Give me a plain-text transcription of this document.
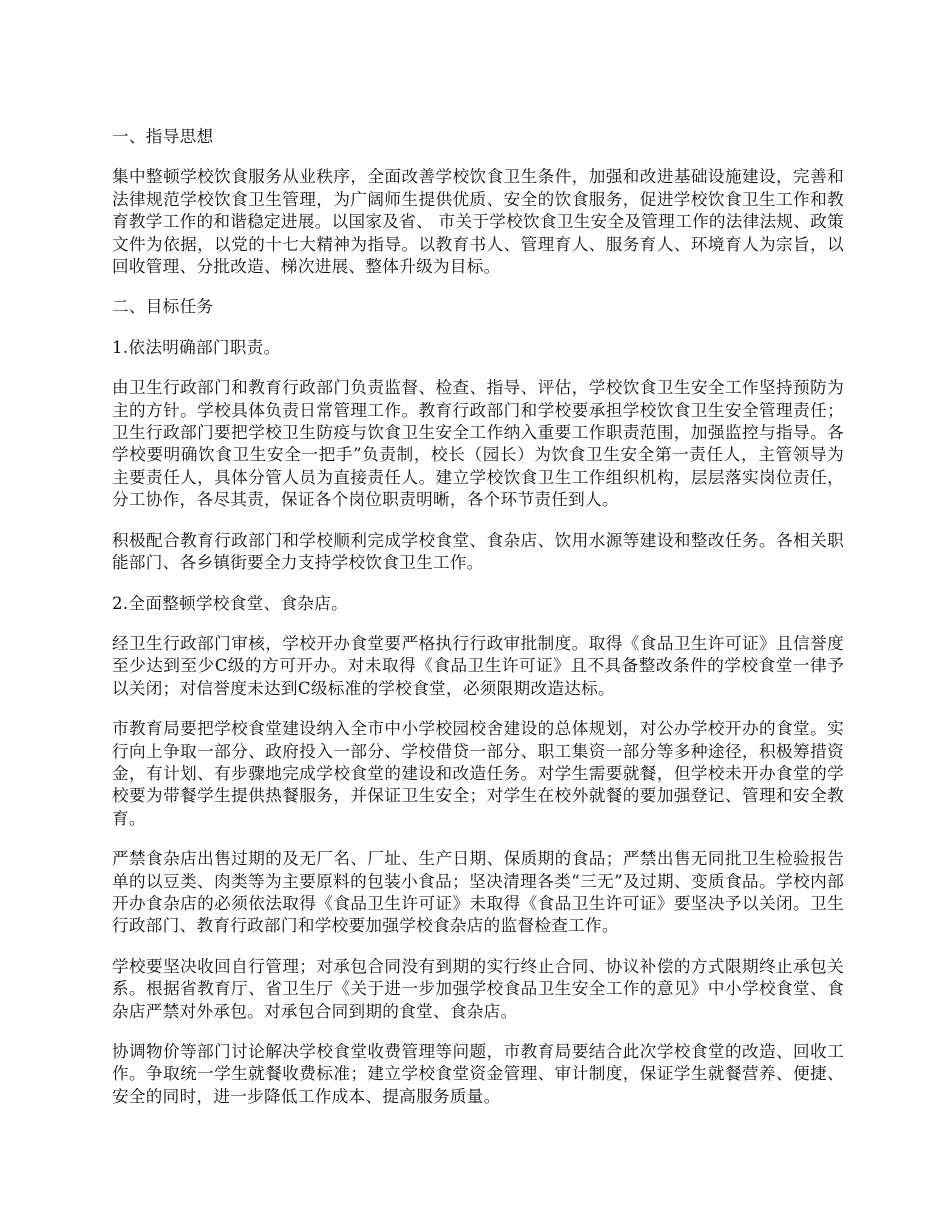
一、指导思想

集中整顿学校饮食服务从业秩序，全面改善学校饮食卫生条件，加强和改进基础设施建设，完善和法律规范学校饮食卫生管理，为广阔师生提供优质、安全的饮食服务，促进学校饮食卫生工作和教育教学工作的和谐稳定进展。以国家及省、 市关于学校饮食卫生安全及管理工作的法律法规、政策文件为依据，以党的十七大精神为指导。以教育书人、管理育人、服务育人、环境育人为宗旨，以回收管理、分批改造、梯次进展、整体升级为目标。

二、目标任务

1.依法明确部门职责。

由卫生行政部门和教育行政部门负责监督、检查、指导、评估，学校饮食卫生安全工作坚持预防为主的方针。学校具体负责日常管理工作。教育行政部门和学校要承担学校饮食卫生安全管理责任；卫生行政部门要把学校卫生防疫与饮食卫生安全工作纳入重要工作职责范围，加强监控与指导。各学校要明确饮食卫生安全一把手”负责制，校长（园长）为饮食卫生安全第一责任人，主管领导为主要责任人，具体分管人员为直接责任人。建立学校饮食卫生工作组织机构，层层落实岗位责任，分工协作，各尽其责，保证各个岗位职责明晰，各个环节责任到人。

积极配合教育行政部门和学校顺利完成学校食堂、食杂店、饮用水源等建设和整改任务。各相关职能部门、各乡镇街要全力支持学校饮食卫生工作。

2.全面整顿学校食堂、食杂店。

经卫生行政部门审核，学校开办食堂要严格执行行政审批制度。取得《食品卫生许可证》且信誉度至少达到至少C级的方可开办。对未取得《食品卫生许可证》且不具备整改条件的学校食堂一律予以关闭；对信誉度未达到C级标准的学校食堂，必须限期改造达标。

市教育局要把学校食堂建设纳入全市中小学校园校舍建设的总体规划，对公办学校开办的食堂。实行向上争取一部分、政府投入一部分、学校借贷一部分、职工集资一部分等多种途径，积极筹措资金，有计划、有步骤地完成学校食堂的建设和改造任务。对学生需要就餐，但学校未开办食堂的学校要为带餐学生提供热餐服务，并保证卫生安全；对学生在校外就餐的要加强登记、管理和安全教育。

严禁食杂店出售过期的及无厂名、厂址、生产日期、保质期的食品；严禁出售无同批卫生检验报告单的以豆类、肉类等为主要原料的包装小食品；坚决清理各类“三无”及过期、变质食品。学校内部开办食杂店的必须依法取得《食品卫生许可证》未取得《食品卫生许可证》要坚决予以关闭。卫生行政部门、教育行政部门和学校要加强学校食杂店的监督检查工作。

学校要坚决收回自行管理；对承包合同没有到期的实行终止合同、协议补偿的方式限期终止承包关系。根据省教育厅、省卫生厅《关于进一步加强学校食品卫生安全工作的意见》中小学校食堂、食杂店严禁对外承包。对承包合同到期的食堂、食杂店。

协调物价等部门讨论解决学校食堂收费管理等问题，市教育局要结合此次学校食堂的改造、回收工作。争取统一学生就餐收费标准；建立学校食堂资金管理、审计制度，保证学生就餐营养、便捷、安全的同时，进一步降低工作成本、提高服务质量。
